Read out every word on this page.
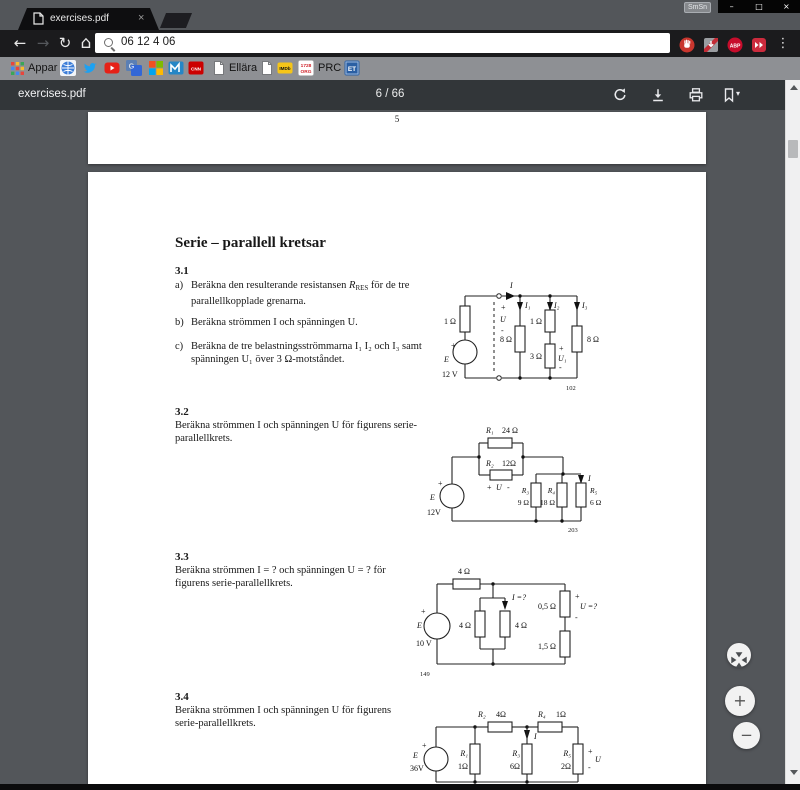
SmSn	–	□	×
exercises.pdf	×
← → ↻ ⌂	06 12 4 06	ABP	⋮
Appar	G	CNN	Ellära	IMDb 1728
ORG PRC ET
exercises.pdf	6 / 66	▾
5
Serie – parallell kretsar
3.1
a) Beräkna den resulterande resistansen $R_{RES}$ för de tre
parallellkopplade grenarna.
b) Beräkna strömmen I och spänningen U.
c) Beräkna de tre belastningsströmmarna I₁ I₂ och I₃ samt
spänningen U₁ över 3 Ω-motståndet.
I
1 Ω
+
E
12 V
+
U
-
I₁
8 Ω
I₂
1 Ω
3 Ω
+
U₁
-
I₃
8 Ω
102
3.2
Beräkna strömmen I och spänningen U för figurens serie-
parallellkrets.
+
E
12V
R₁ 24 Ω
R₂ 12Ω
+ U -
I
R₃
9 Ω
R₄
18 Ω
R₅
6 Ω
203
3.3
Beräkna strömmen I = ? och spänningen U = ? för
figurens serie-parallellkrets.
+
E
10 V
4 Ω
I =?
4 Ω	4 Ω
0,5 Ω
+
U =?
-
1,5 Ω
149
3.4
Beräkna strömmen I och spänningen U för figurens
serie-parallellkrets.
+
E
36V
R₁
1Ω
R₂ 4Ω
I
R₃
6Ω
R₄ 1Ω
R₅
2Ω
+
U
-
+
−
